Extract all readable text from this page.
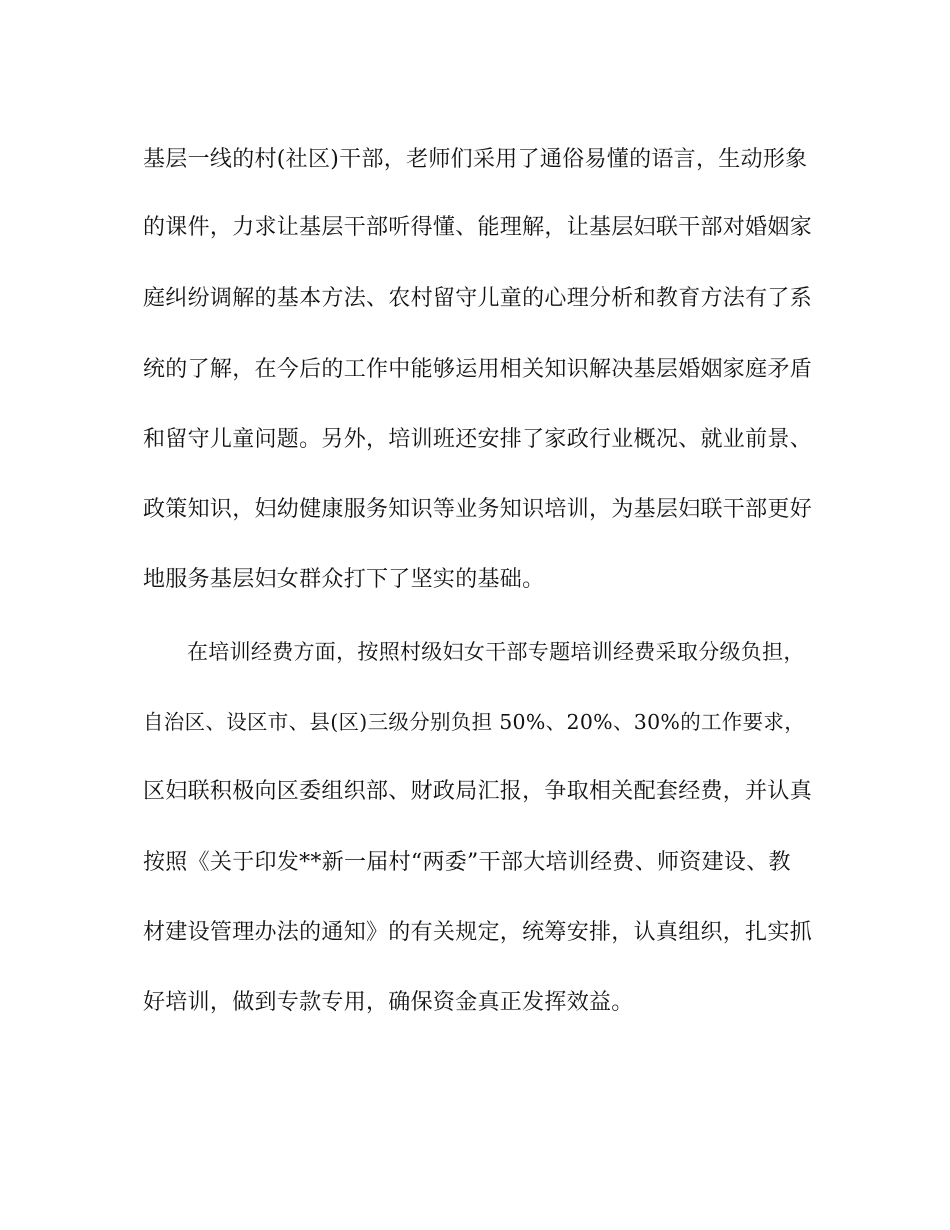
基层一线的村(社区)干部，老师们采用了通俗易懂的语言，生动形象
的课件，力求让基层干部听得懂、能理解，让基层妇联干部对婚姻家
庭纠纷调解的基本方法、农村留守儿童的心理分析和教育方法有了系
统的了解，在今后的工作中能够运用相关知识解决基层婚姻家庭矛盾
和留守儿童问题。另外，培训班还安排了家政行业概况、就业前景、
政策知识，妇幼健康服务知识等业务知识培训，为基层妇联干部更好
地服务基层妇女群众打下了坚实的基础。
在培训经费方面，按照村级妇女干部专题培训经费采取分级负担，
自治区、设区市、县(区)三级分别负担 50%、20%、30%的工作要求，
区妇联积极向区委组织部、财政局汇报，争取相关配套经费，并认真
按照《关于印发**新一届村“两委”干部大培训经费、师资建设、教
材建设管理办法的通知》的有关规定，统筹安排，认真组织，扎实抓
好培训，做到专款专用，确保资金真正发挥效益。
